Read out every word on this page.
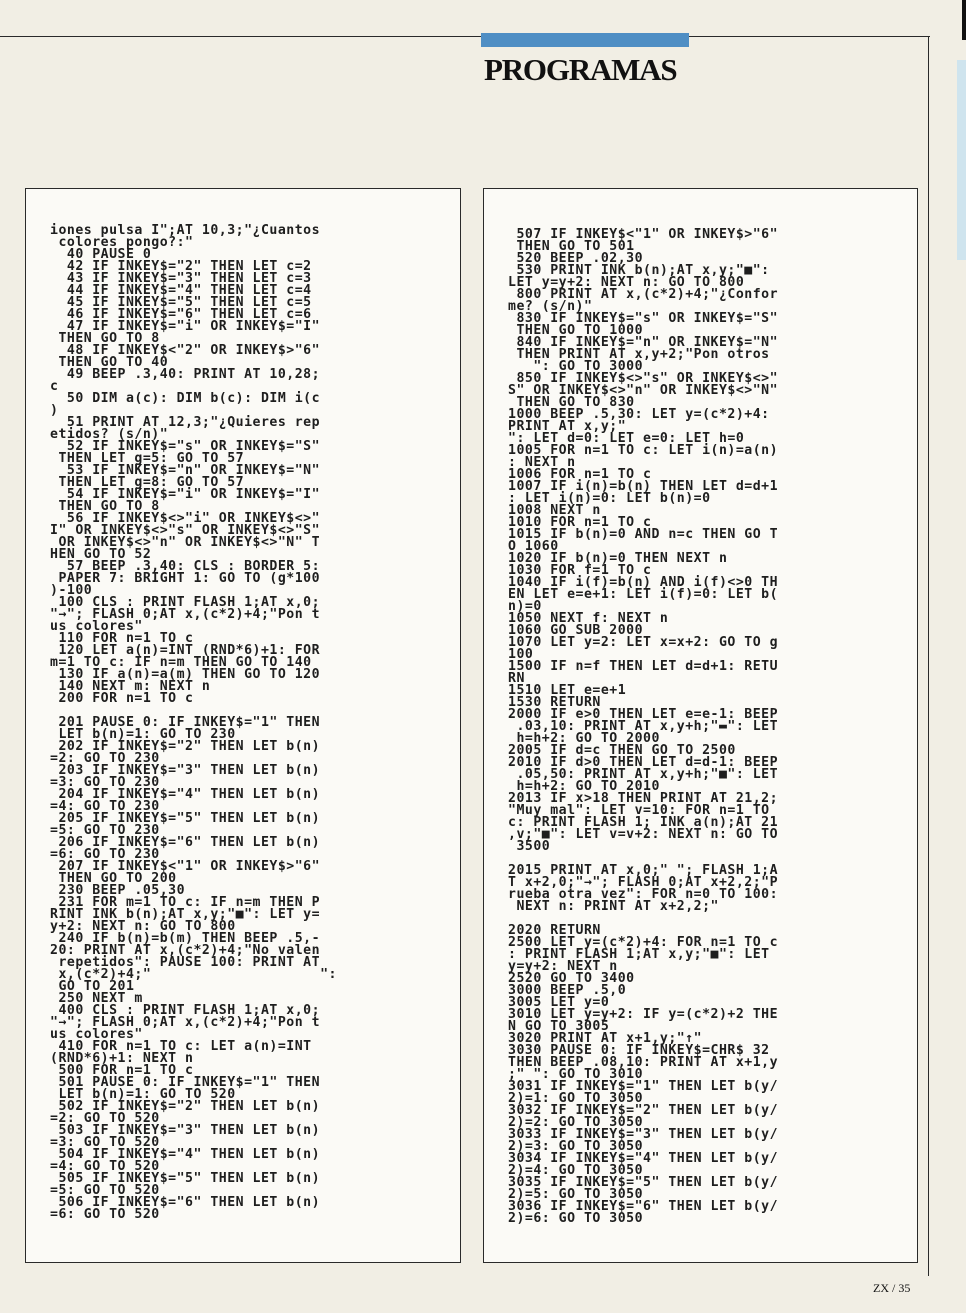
PROGRAMAS
iones pulsa I";AT 10,3;"¿Cuantos
colores pongo?:"
40 PAUSE 0
42 IF INKEY$="2" THEN LET c=2
43 IF INKEY$="3" THEN LET c=3
44 IF INKEY$="4" THEN LET c=4
45 IF INKEY$="5" THEN LET c=5
46 IF INKEY$="6" THEN LET c=6
47 IF INKEY$="i" OR INKEY$="I"
THEN GO TO 8
48 IF INKEY$<"2" OR INKEY$>"6"
THEN GO TO 40
49 BEEP .3,40: PRINT AT 10,28;
c
50 DIM a(c): DIM b(c): DIM i(c
)
51 PRINT AT 12,3;"¿Quieres rep
etidos? (s/n)"
52 IF INKEY$="s" OR INKEY$="S"
THEN LET g=5: GO TO 57
53 IF INKEY$="n" OR INKEY$="N"
THEN LET g=8: GO TO 57
54 IF INKEY$="i" OR INKEY$="I"
THEN GO TO 8
56 IF INKEY$<>"i" OR INKEY$<>"
I" OR INKEY$<>"s" OR INKEY$<>"S"
OR INKEY$<>"n" OR INKEY$<>"N" T
HEN GO TO 52
57 BEEP .3,40: CLS : BORDER 5:
PAPER 7: BRIGHT 1: GO TO (g*100
)-100
100 CLS : PRINT FLASH 1;AT x,0;
"→"; FLASH 0;AT x,(c*2)+4;"Pon t
us colores"
110 FOR n=1 TO c
120 LET a(n)=INT (RND*6)+1: FOR
m=1 TO c: IF n=m THEN GO TO 140
130 IF a(n)=a(m) THEN GO TO 120
140 NEXT m: NEXT n
200 FOR n=1 TO c

201 PAUSE 0: IF INKEY$="1" THEN
LET b(n)=1: GO TO 230
202 IF INKEY$="2" THEN LET b(n)
=2: GO TO 230
203 IF INKEY$="3" THEN LET b(n)
=3: GO TO 230
204 IF INKEY$="4" THEN LET b(n)
=4: GO TO 230
205 IF INKEY$="5" THEN LET b(n)
=5: GO TO 230
206 IF INKEY$="6" THEN LET b(n)
=6: GO TO 230
207 IF INKEY$<"1" OR INKEY$>"6"
THEN GO TO 200
230 BEEP .05,30
231 FOR m=1 TO c: IF n=m THEN P
RINT INK b(n);AT x,y;"■": LET y=
y+2: NEXT n: GO TO 800
240 IF b(n)=b(m) THEN BEEP .5,-
20: PRINT AT x,(c*2)+4;"No valen
repetidos": PAUSE 100: PRINT AT
x,(c*2)+4;"                    ":
GO TO 201
250 NEXT m
400 CLS : PRINT FLASH 1;AT x,0;
"→"; FLASH 0;AT x,(c*2)+4;"Pon t
us colores"
410 FOR n=1 TO c: LET a(n)=INT
(RND*6)+1: NEXT n
500 FOR n=1 TO c
501 PAUSE 0: IF INKEY$="1" THEN
LET b(n)=1: GO TO 520
502 IF INKEY$="2" THEN LET b(n)
=2: GO TO 520
503 IF INKEY$="3" THEN LET b(n)
=3: GO TO 520
504 IF INKEY$="4" THEN LET b(n)
=4: GO TO 520
505 IF INKEY$="5" THEN LET b(n)
=5: GO TO 520
506 IF INKEY$="6" THEN LET b(n)
=6: GO TO 520
507 IF INKEY$<"1" OR INKEY$>"6"
THEN GO TO 501
520 BEEP .02,30
530 PRINT INK b(n);AT x,y;"■":
LET y=y+2: NEXT n: GO TO 800
800 PRINT AT x,(c*2)+4;"¿Confor
me? (s/n)"
830 IF INKEY$="s" OR INKEY$="S"
THEN GO TO 1000
840 IF INKEY$="n" OR INKEY$="N"
THEN PRINT AT x,y+2;"Pon otros
": GO TO 3000
850 IF INKEY$<>"s" OR INKEY$<>"
S" OR INKEY$<>"n" OR INKEY$<>"N"
THEN GO TO 830
1000 BEEP .5,30: LET y=(c*2)+4:
PRINT AT x,y;"
": LET d=0: LET e=0: LET h=0
1005 FOR n=1 TO c: LET i(n)=a(n)
: NEXT n
1006 FOR n=1 TO c
1007 IF i(n)=b(n) THEN LET d=d+1
: LET i(n)=0: LET b(n)=0
1008 NEXT n
1010 FOR n=1 TO c
1015 IF b(n)=0 AND n=c THEN GO T
O 1060
1020 IF b(n)=0 THEN NEXT n
1030 FOR f=1 TO c
1040 IF i(f)=b(n) AND i(f)<>0 TH
EN LET e=e+1: LET i(f)=0: LET b(
n)=0
1050 NEXT f: NEXT n
1060 GO SUB 2000
1070 LET y=2: LET x=x+2: GO TO g
100
1500 IF n=f THEN LET d=d+1: RETU
RN
1510 LET e=e+1
1530 RETURN
2000 IF e>0 THEN LET e=e-1: BEEP
.03,10: PRINT AT x,y+h;"▬": LET
h=h+2: GO TO 2000
2005 IF d=c THEN GO TO 2500
2010 IF d>0 THEN LET d=d-1: BEEP
.05,50: PRINT AT x,y+h;"■": LET
h=h+2: GO TO 2010
2013 IF x>18 THEN PRINT AT 21,2;
"Muy mal": LET v=10: FOR n=1 TO
c: PRINT FLASH 1; INK a(n);AT 21
,v;"■": LET v=v+2: NEXT n: GO TO
3500

2015 PRINT AT x,0;" "; FLASH 1;A
T x+2,0;"→"; FLASH 0;AT x+2,2;"P
rueba otra vez": FOR n=0 TO 100:
NEXT n: PRINT AT x+2,2;"

2020 RETURN
2500 LET y=(c*2)+4: FOR n=1 TO c
: PRINT FLASH 1;AT x,y;"■": LET
y=y+2: NEXT n
2520 GO TO 3400
3000 BEEP .5,0
3005 LET y=0
3010 LET y=y+2: IF y=(c*2)+2 THE
N GO TO 3005
3020 PRINT AT x+1,y;"↑"
3030 PAUSE 0: IF INKEY$=CHR$ 32
THEN BEEP .08,10: PRINT AT x+1,y
;" ": GO TO 3010
3031 IF INKEY$="1" THEN LET b(y/
2)=1: GO TO 3050
3032 IF INKEY$="2" THEN LET b(y/
2)=2: GO TO 3050
3033 IF INKEY$="3" THEN LET b(y/
2)=3: GO TO 3050
3034 IF INKEY$="4" THEN LET b(y/
2)=4: GO TO 3050
3035 IF INKEY$="5" THEN LET b(y/
2)=5: GO TO 3050
3036 IF INKEY$="6" THEN LET b(y/
2)=6: GO TO 3050
ZX / 35
